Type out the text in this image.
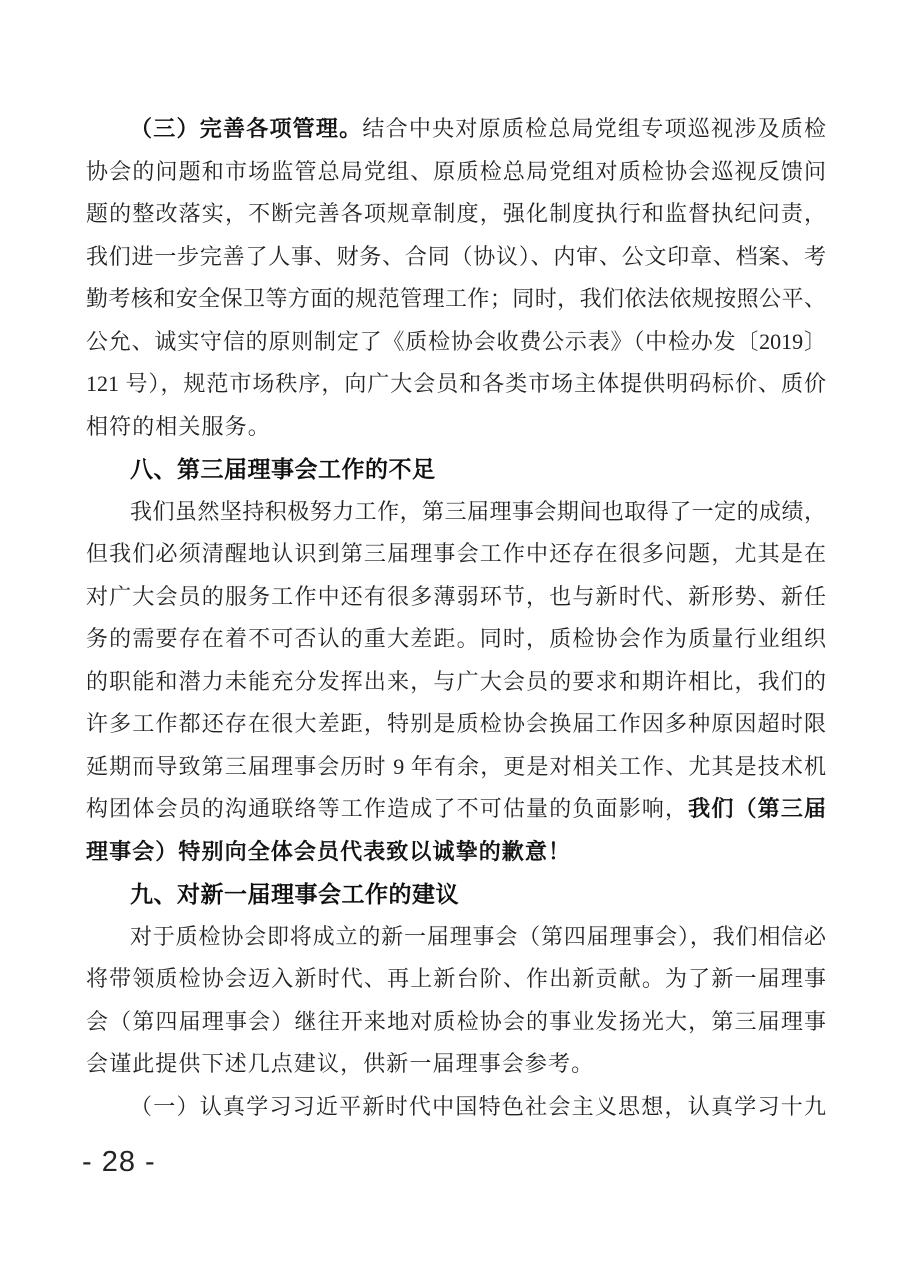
（三）完善各项管理。结合中央对原质检总局党组专项巡视涉及质检
协会的问题和市场监管总局党组、原质检总局党组对质检协会巡视反馈问
题的整改落实，不断完善各项规章制度，强化制度执行和监督执纪问责，
我们进一步完善了人事、财务、合同（协议）、内审、公文印章、档案、考
勤考核和安全保卫等方面的规范管理工作；同时，我们依法依规按照公平、
公允、诚实守信的原则制定了《质检协会收费公示表》（中检办发〔2019〕
121 号），规范市场秩序，向广大会员和各类市场主体提供明码标价、质价
相符的相关服务。
八、第三届理事会工作的不足
我们虽然坚持积极努力工作，第三届理事会期间也取得了一定的成绩，
但我们必须清醒地认识到第三届理事会工作中还存在很多问题，尤其是在
对广大会员的服务工作中还有很多薄弱环节，也与新时代、新形势、新任
务的需要存在着不可否认的重大差距。同时，质检协会作为质量行业组织
的职能和潜力未能充分发挥出来，与广大会员的要求和期许相比，我们的
许多工作都还存在很大差距，特别是质检协会换届工作因多种原因超时限
延期而导致第三届理事会历时 9 年有余，更是对相关工作、尤其是技术机
构团体会员的沟通联络等工作造成了不可估量的负面影响，我们（第三届
理事会）特别向全体会员代表致以诚挚的歉意！
九、对新一届理事会工作的建议
对于质检协会即将成立的新一届理事会（第四届理事会），我们相信必
将带领质检协会迈入新时代、再上新台阶、作出新贡献。为了新一届理事
会（第四届理事会）继往开来地对质检协会的事业发扬光大，第三届理事
会谨此提供下述几点建议，供新一届理事会参考。
（一）认真学习习近平新时代中国特色社会主义思想，认真学习十九
- 28 -
